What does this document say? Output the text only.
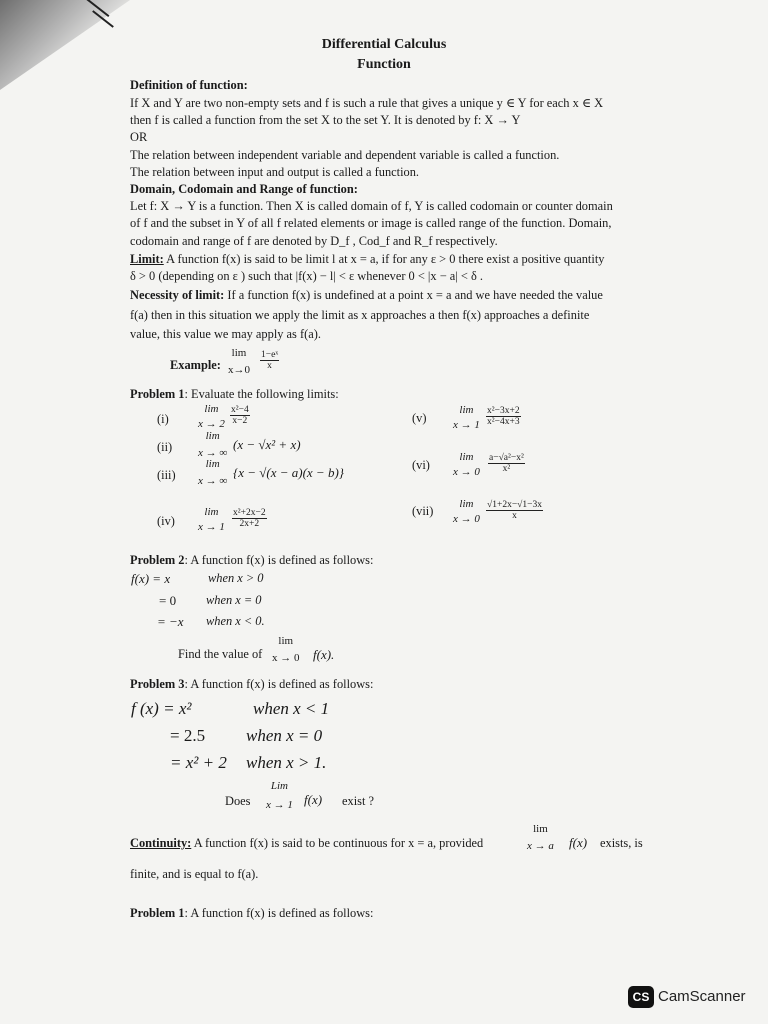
Differential Calculus
Function
Definition of function:
If X and Y are two non-empty sets and f is such a rule that gives a unique y ∈ Y for each x ∈ X
then f is called a function from the set X to the set Y. It is denoted by f: X → Y
OR
The relation between independent variable and dependent variable is called a function.
The relation between input and output is called a function.
Domain, Codomain and Range of function:
Let f: X → Y is a function. Then X is called domain of f, Y is called codomain or counter domain
of f and the subset in Y of all f related elements or image is called range of the function. Domain,
codomain and range of f are denoted by D_f , Cod_f and R_f respectively.
Limit: A function f(x) is said to be limit l at x = a, if for any ε > 0 there exist a positive quantity
δ > 0 (depending on ε ) such that |f(x) − l| < ε whenever 0 < |x − a| < δ .
Necessity of limit: If a function f(x) is undefined at a point x = a and we have needed the value
f(a) then in this situation we apply the limit as x approaches a then f(x) approaches a definite
value, this value we may apply as f(a).
Example:
lim
$x\to 0 \frac{\text{1−eˣ}}{x}$
Problem 1: Evaluate the following limits:
(i)
lim
$x \to 2 \frac{\text{x²−4}}{x-2}$
(ii)
lim
x → ∞
(x − √x² + x)
(iii)
lim
x → ∞
{x − √(x − a)(x − b)}
(iv)
lim
$x \to 1 \frac{\text{x²+2x−2}}{2x+2}$
(v)
lim
$x \to 1 \frac{\text{x²−3x+2}}{\text{x²−4x+3}}$
(vi)
lim
$x \to 0 \frac{\text{a−√a²−x²}}{\text{x²}}$
(vii)	lim
$x \to 0 \frac{√1+2x-√1-3x}{x}$
Problem 2: A function f(x) is defined as follows:
f(x) = x	when x > 0
= 0 when x = 0
= −x when x < 0.
Find the value of
lim
x → 0 f(x).
Problem 3: A function f(x) is defined as follows:
f (x) = x²	when x < 1
= 2.5 when x = 0
= x² + 2 when x > 1.
Does
Lim
x → 1 f(x) exist ?
Continuity: A function f(x) is said to be continuous for x = a, provided
lim
x → a f(x) exists, is
finite, and is equal to f(a).
Problem 1: A function f(x) is defined as follows:
CS CamScanner
